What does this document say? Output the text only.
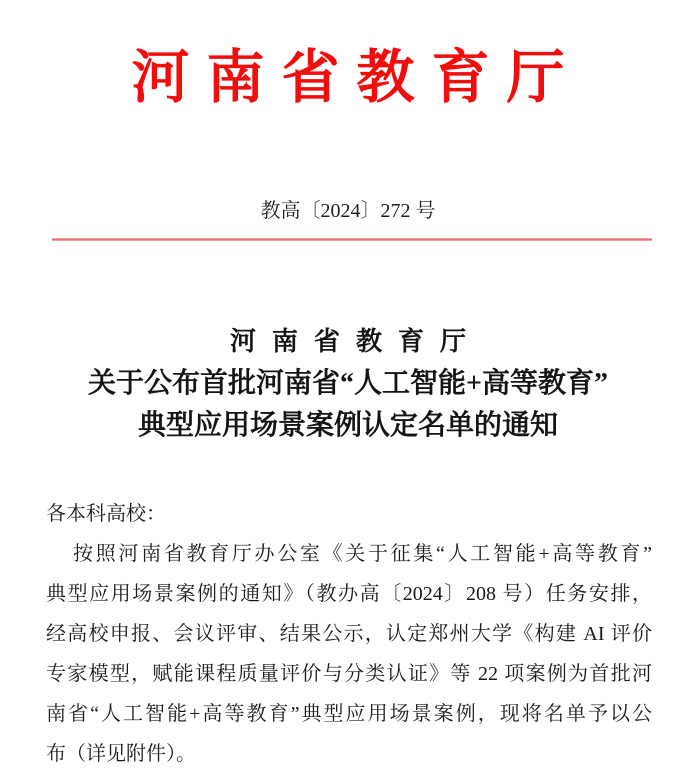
河南省教育厅
教高〔2024〕272 号
河南省教育厅
关于公布首批河南省“人工智能+高等教育”
典型应用场景案例认定名单的通知
各本科高校：
按照河南省教育厅办公室《关于征集“人工智能+高等教育”
典型应用场景案例的通知》（教办高〔2024〕208 号）任务安排，
经高校申报、会议评审、结果公示，认定郑州大学《构建 AI 评价
专家模型，赋能课程质量评价与分类认证》等 22 项案例为首批河
南省“人工智能+高等教育”典型应用场景案例，现将名单予以公
布（详见附件）。
